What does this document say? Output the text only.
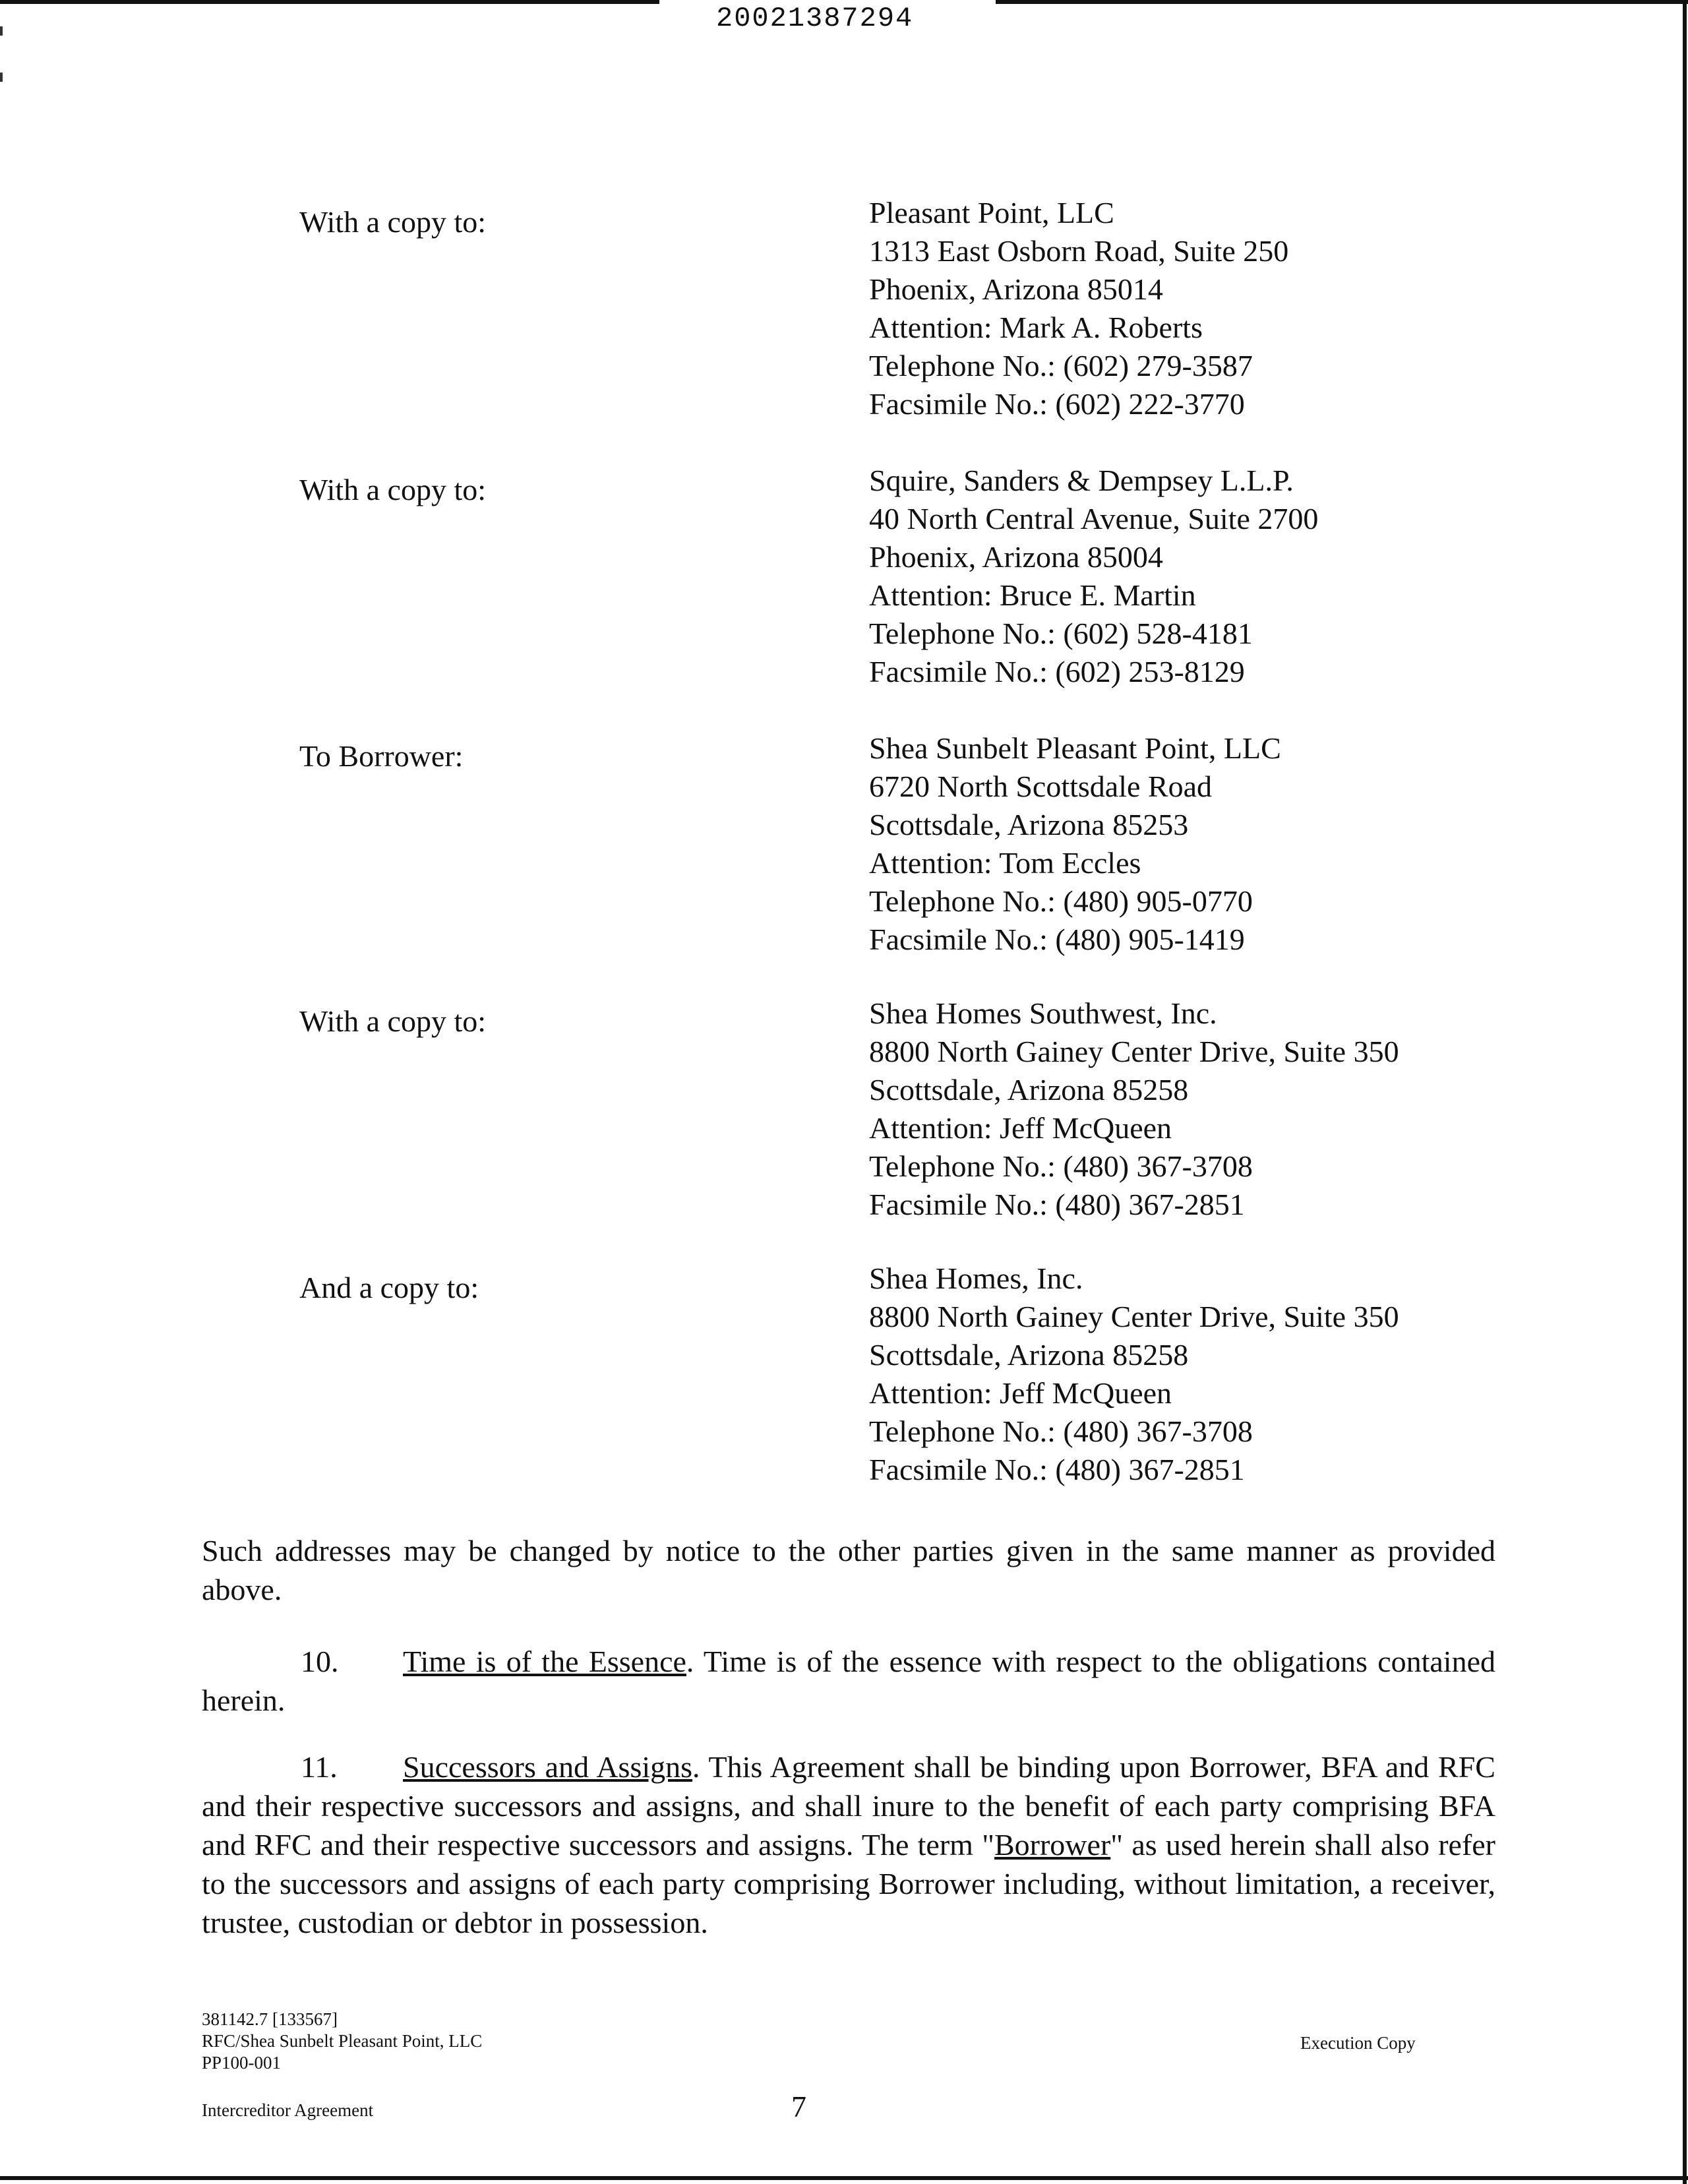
20021387294
With a copy to:	Pleasant Point, LLC
1313 East Osborn Road, Suite 250
Phoenix, Arizona 85014
Attention: Mark A. Roberts
Telephone No.: (602) 279-3587
Facsimile No.: (602) 222-3770
With a copy to:	Squire, Sanders & Dempsey L.L.P.
40 North Central Avenue, Suite 2700
Phoenix, Arizona 85004
Attention: Bruce E. Martin
Telephone No.: (602) 528-4181
Facsimile No.: (602) 253-8129
To Borrower:	Shea Sunbelt Pleasant Point, LLC
6720 North Scottsdale Road
Scottsdale, Arizona 85253
Attention: Tom Eccles
Telephone No.: (480) 905-0770
Facsimile No.: (480) 905-1419
With a copy to:	Shea Homes Southwest, Inc.
8800 North Gainey Center Drive, Suite 350
Scottsdale, Arizona 85258
Attention: Jeff McQueen
Telephone No.: (480) 367-3708
Facsimile No.: (480) 367-2851
And a copy to:	Shea Homes, Inc.
8800 North Gainey Center Drive, Suite 350
Scottsdale, Arizona 85258
Attention: Jeff McQueen
Telephone No.: (480) 367-3708
Facsimile No.: (480) 367-2851
Such addresses may be changed by notice to the other parties given in the same manner as provided above.
10. Time is of the Essence. Time is of the essence with respect to the obligations contained herein.
11. Successors and Assigns. This Agreement shall be binding upon Borrower, BFA and RFC and their respective successors and assigns, and shall inure to the benefit of each party comprising BFA and RFC and their respective successors and assigns. The term "Borrower" as used herein shall also refer to the successors and assigns of each party comprising Borrower including, without limitation, a receiver, trustee, custodian or debtor in possession.
381142.7 [133567]
RFC/Shea Sunbelt Pleasant Point, LLC
PP100-001
Intercreditor Agreement
Execution Copy
7
